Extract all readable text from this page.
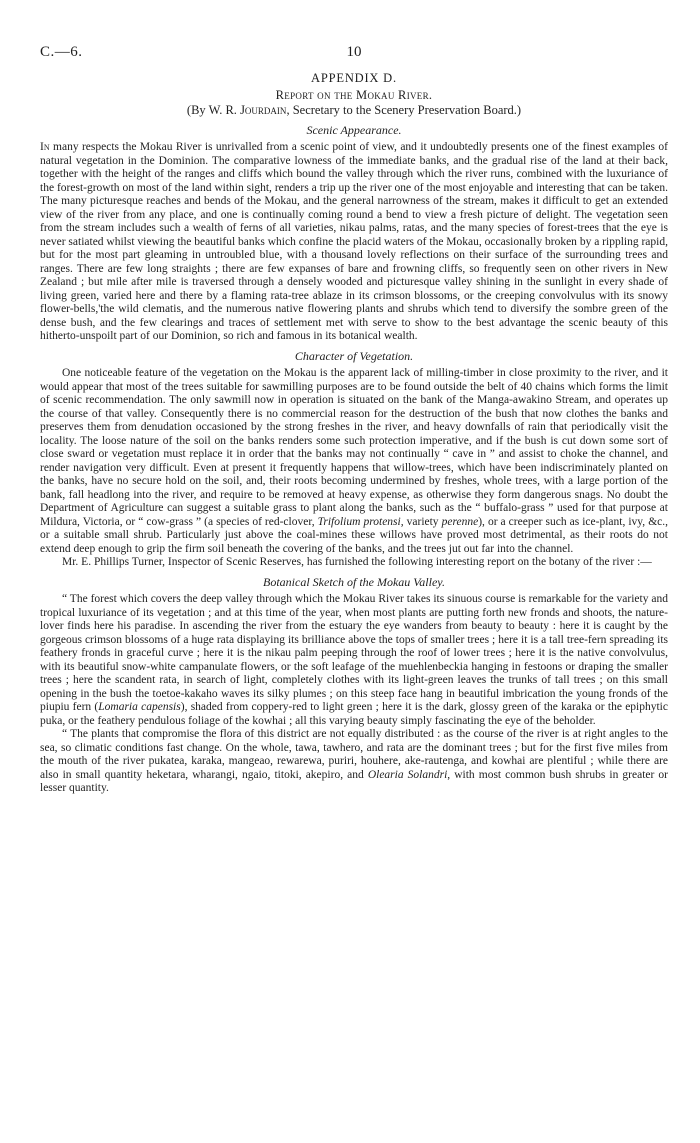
C.—6.	10
APPENDIX D.
Report on the Mokau River.
(By W. R. Jourdain, Secretary to the Scenery Preservation Board.)
Scenic Appearance.

In many respects the Mokau River is unrivalled from a scenic point of view, and it undoubtedly presents one of the finest examples of natural vegetation in the Dominion. The comparative lowness of the immediate banks, and the gradual rise of the land at their back, together with the height of the ranges and cliffs which bound the valley through which the river runs, combined with the luxuriance of the forest-growth on most of the land within sight, renders a trip up the river one of the most enjoyable and interesting that can be taken. The many picturesque reaches and bends of the Mokau, and the general narrowness of the stream, makes it difficult to get an extended view of the river from any place, and one is continually coming round a bend to view a fresh picture of delight. The vegetation seen from the stream includes such a wealth of ferns of all varieties, nikau palms, ratas, and the many species of forest-trees that the eye is never satiated whilst viewing the beautiful banks which confine the placid waters of the Mokau, occasionally broken by a rippling rapid, but for the most part gleaming in untroubled blue, with a thousand lovely reflections on their surface of the surrounding trees and ranges. There are few long straights ; there are few expanses of bare and frowning cliffs, so frequently seen on other rivers in New Zealand ; but mile after mile is traversed through a densely wooded and picturesque valley shining in the sunlight in every shade of living green, varied here and there by a flaming rata-tree ablaze in its crimson blossoms, or the creeping convolvulus with its snowy flower-bells,'the wild clematis, and the numerous native flowering plants and shrubs which tend to diversify the sombre green of the dense bush, and the few clearings and traces of settlement met with serve to show to the best advantage the scenic beauty of this hitherto-unspoilt part of our Dominion, so rich and famous in its botanical wealth.

Character of Vegetation.

One noticeable feature of the vegetation on the Mokau is the apparent lack of milling-timber in close proximity to the river, and it would appear that most of the trees suitable for sawmilling purposes are to be found outside the belt of 40 chains which forms the limit of scenic recommendation. The only sawmill now in operation is situated on the bank of the Manga-awakino Stream, and operates up the course of that valley. Consequently there is no commercial reason for the destruction of the bush that now clothes the banks and preserves them from denudation occasioned by the strong freshes in the river, and heavy downfalls of rain that periodically visit the locality. The loose nature of the soil on the banks renders some such protection imperative, and if the bush is cut down some sort of close sward or vegetation must replace it in order that the banks may not continually “ cave in ” and assist to choke the channel, and render navigation very difficult. Even at present it frequently happens that willow-trees, which have been indiscriminately planted on the banks, have no secure hold on the soil, and, their roots becoming undermined by freshes, whole trees, with a large portion of the bank, fall headlong into the river, and require to be removed at heavy expense, as otherwise they form dangerous snags. No doubt the Department of Agriculture can suggest a suitable grass to plant along the banks, such as the “ buffalo-grass ” used for that purpose at Mildura, Victoria, or “ cow-grass ” (a species of red-clover, Trifolium protensi, variety perenne), or a creeper such as ice-plant, ivy, &c., or a suitable small shrub. Particularly just above the coal-mines these willows have proved most detrimental, as their roots do not extend deep enough to grip the firm soil beneath the covering of the banks, and the trees jut out far into the channel.

Mr. E. Phillips Turner, Inspector of Scenic Reserves, has furnished the following interesting report on the botany of the river :—

Botanical Sketch of the Mokau Valley.

“ The forest which covers the deep valley through which the Mokau River takes its sinuous course is remarkable for the variety and tropical luxuriance of its vegetation ; and at this time of the year, when most plants are putting forth new fronds and shoots, the nature-lover finds here his paradise. In ascending the river from the estuary the eye wanders from beauty to beauty : here it is caught by the gorgeous crimson blossoms of a huge rata displaying its brilliance above the tops of smaller trees ; here it is a tall tree-fern spreading its feathery fronds in graceful curve ; here it is the nikau palm peeping through the roof of lower trees ; here it is the native convolvulus, with its beautiful snow-white campanulate flowers, or the soft leafage of the muehlenbeckia hanging in festoons or draping the smaller trees ; here the scandent rata, in search of light, completely clothes with its light-green leaves the trunks of tall trees ; on this small opening in the bush the toetoe-kakaho waves its silky plumes ; on this steep face hang in beautiful imbrication the young fronds of the piupiu fern (Lomaria capensis), shaded from coppery-red to light green ; here it is the dark, glossy green of the karaka or the epiphytic puka, or the feathery pendulous foliage of the kowhai ; all this varying beauty simply fascinating the eye of the beholder.

“ The plants that compromise the flora of this district are not equally distributed : as the course of the river is at right angles to the sea, so climatic conditions fast change. On the whole, tawa, tawhero, and rata are the dominant trees ; but for the first five miles from the mouth of the river pukatea, karaka, mangeao, rewarewa, puriri, houhere, ake-rautenga, and kowhai are plentiful ; while there are also in small quantity heketara, wharangi, ngaio, titoki, akepiro, and Olearia Solandri, with most common bush shrubs in greater or lesser quantity.
